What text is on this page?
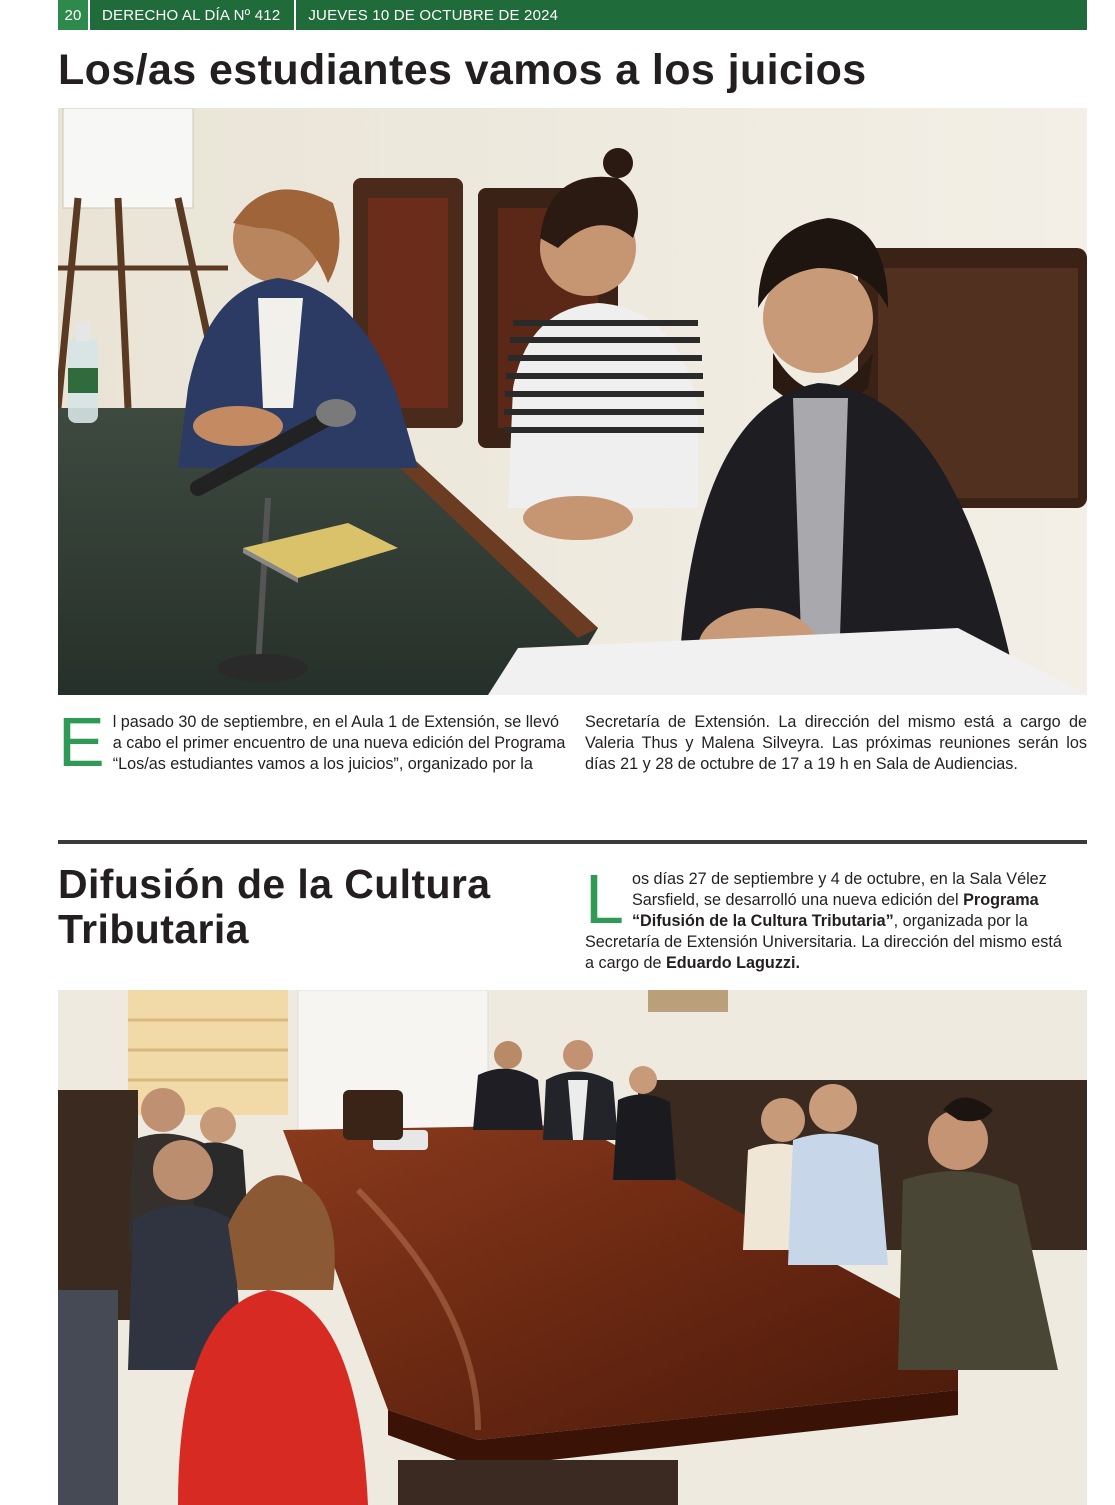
20	DERECHO AL DÍA Nº 412	JUEVES 10 DE OCTUBRE DE 2024
Los/as estudiantes vamos a los juicios
E l pasado 30 de septiembre, en el Aula 1 de Extensión, se llevó a cabo el primer encuentro de una nueva edición del Programa “Los/as estudiantes vamos a los juicios”, organizado por la
Secretaría de Extensión. La dirección del mismo está a cargo de Valeria Thus y Malena Silveyra. Las próximas reuniones serán los días 21 y 28 de octubre de 17 a 19 h en Sala de Audiencias.
Difusión de la Cultura Tributaria	L os días 27 de septiembre y 4 de octubre, en la Sala Vélez Sarsfield, se desarrolló una nueva edición del Programa “Difusión de la Cultura Tributaria”, organizada por la Secretaría de Extensión Universitaria. La dirección del mismo está a cargo de Eduardo Laguzzi.
